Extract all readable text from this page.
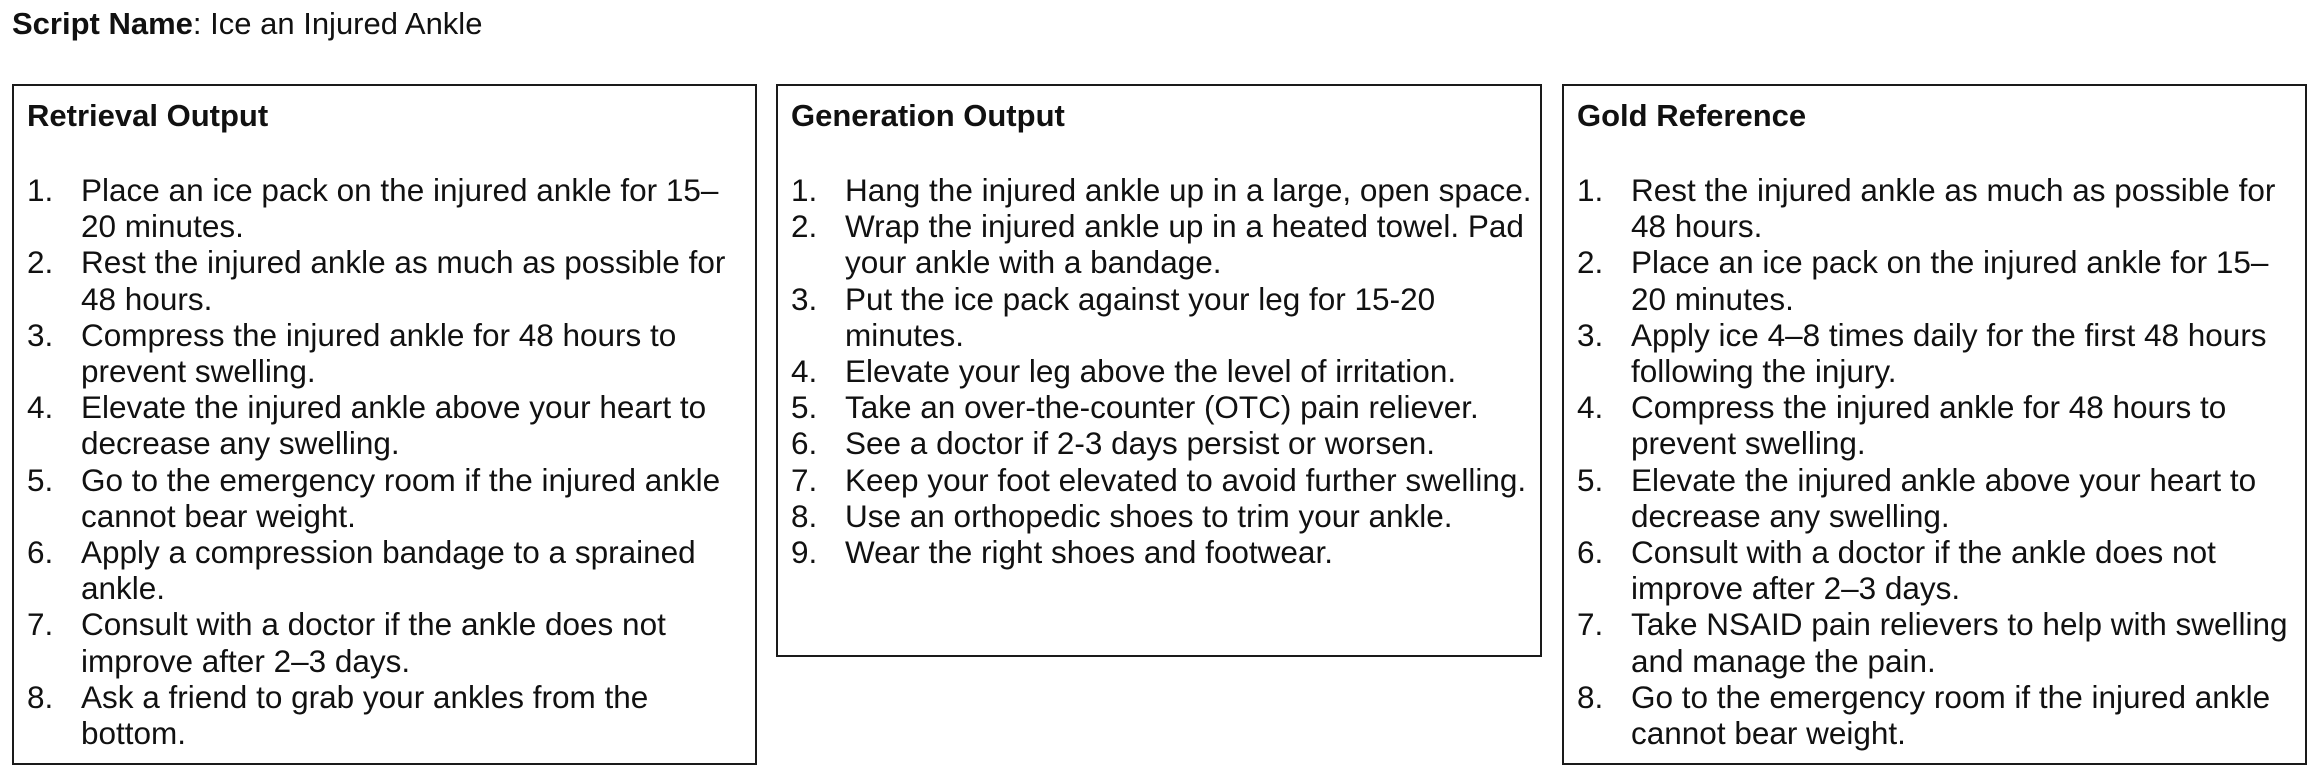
Script Name: Ice an Injured Ankle
Retrieval Output
1. Place an ice pack on the injured ankle for 15–20 minutes.
2. Rest the injured ankle as much as possible for 48 hours.
3. Compress the injured ankle for 48 hours to prevent swelling.
4. Elevate the injured ankle above your heart to decrease any swelling.
5. Go to the emergency room if the injured ankle cannot bear weight.
6. Apply a compression bandage to a sprained ankle.
7. Consult with a doctor if the ankle does not improve after 2–3 days.
8. Ask a friend to grab your ankles from the bottom.
Generation Output
1. Hang the injured ankle up in a large, open space.
2. Wrap the injured ankle up in a heated towel. Pad your ankle with a bandage.
3. Put the ice pack against your leg for 15-20 minutes.
4. Elevate your leg above the level of irritation.
5. Take an over-the-counter (OTC) pain reliever.
6. See a doctor if 2-3 days persist or worsen.
7. Keep your foot elevated to avoid further swelling.
8. Use an orthopedic shoes to trim your ankle.
9. Wear the right shoes and footwear.
Gold Reference
1. Rest the injured ankle as much as possible for 48 hours.
2. Place an ice pack on the injured ankle for 15–20 minutes.
3. Apply ice 4–8 times daily for the first 48 hours following the injury.
4. Compress the injured ankle for 48 hours to prevent swelling.
5. Elevate the injured ankle above your heart to decrease any swelling.
6. Consult with a doctor if the ankle does not improve after 2–3 days.
7. Take NSAID pain relievers to help with swelling and manage the pain.
8. Go to the emergency room if the injured ankle cannot bear weight.
